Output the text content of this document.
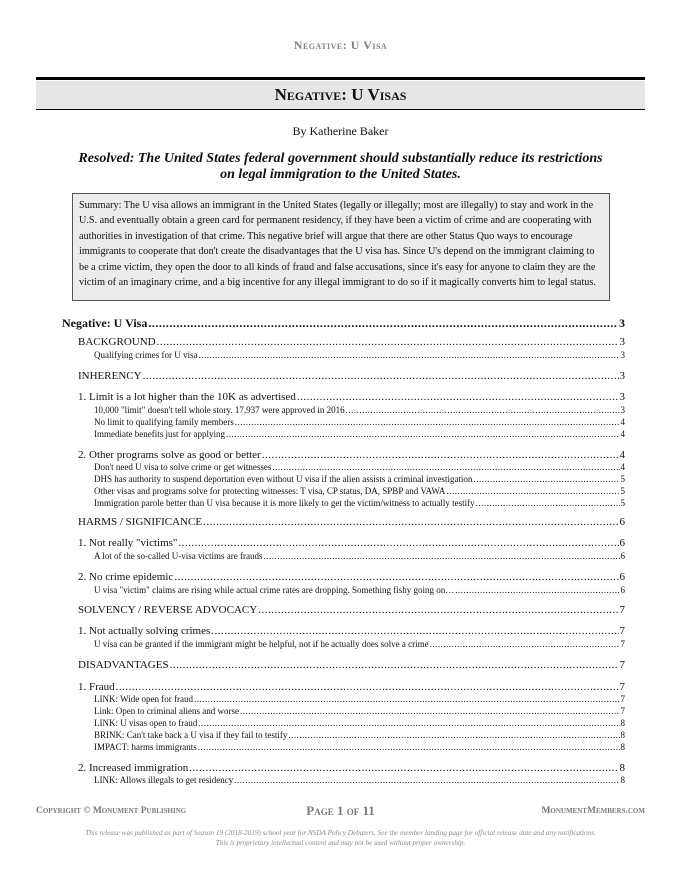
Negative: U Visa
Negative: U Visas
By Katherine Baker
Resolved: The United States federal government should substantially reduce its restrictions on legal immigration to the United States.
Summary: The U visa allows an immigrant in the United States (legally or illegally; most are illegally) to stay and work in the U.S. and eventually obtain a green card for permanent residency, if they have been a victim of crime and are cooperating with authorities in investigation of that crime. This negative brief will argue that there are other Status Quo ways to encourage immigrants to cooperate that don't create the disadvantages that the U visa has. Since U's depend on the immigrant claiming to be a crime victim, they open the door to all kinds of fraud and false accusations, since it's easy for anyone to claim they are the victim of an imaginary crime, and a big incentive for any illegal immigrant to do so if it magically converts him to legal status.
Negative: U Visa .....	3
BACKGROUND .....	3
Qualifying crimes for U visa .....	3
INHERENCY .....	3
1. Limit is a lot higher than the 10K as advertised .....	3
10,000 "limit" doesn't tell whole story. 17,937 were approved in 2016 .....	3
No limit to qualifying family members .....	4
Immediate benefits just for applying .....	4
2. Other programs solve as good or better .....	4
Don't need U visa to solve crime or get witnesses .....	4
DHS has authority to suspend deportation even without U visa if the alien assists a criminal investigation .....	5
Other visas and programs solve for protecting witnesses: T visa, CP status, DA, SPBP and VAWA .....	5
Immigration parole better than U visa because it is more likely to get the victim/witness to actually testify .....	5
HARMS / SIGNIFICANCE .....	6
1. Not really "victims" .....	6
A lot of the so-called U-visa victims are frauds .....	6
2. No crime epidemic .....	6
U visa "victim" claims are rising while actual crime rates are dropping. Something fishy going on… .....	6
SOLVENCY / REVERSE ADVOCACY .....	7
1. Not actually solving crimes .....	7
U visa can be granted if the immigrant might be helpful, not if he actually does solve a crime .....	7
DISADVANTAGES .....	7
1. Fraud .....	7
LINK: Wide open for fraud .....	7
Link: Open to criminal aliens and worse .....	7
LINK: U visas open to fraud .....	8
BRINK: Can't take back a U visa if they fail to testify .....	8
IMPACT: harms immigrants .....	8
2. Increased immigration .....	8
LINK: Allows illegals to get residency .....	8
Copyright © Monument Publishing	Page 1 of 11	MonumentMembers.com
This release was published as part of Season 19 (2018-2019) school year for NSDA Policy Debaters. See the member landing page for official release date and any notifications.
This is proprietary intellectual content and may not be used without proper ownership.
